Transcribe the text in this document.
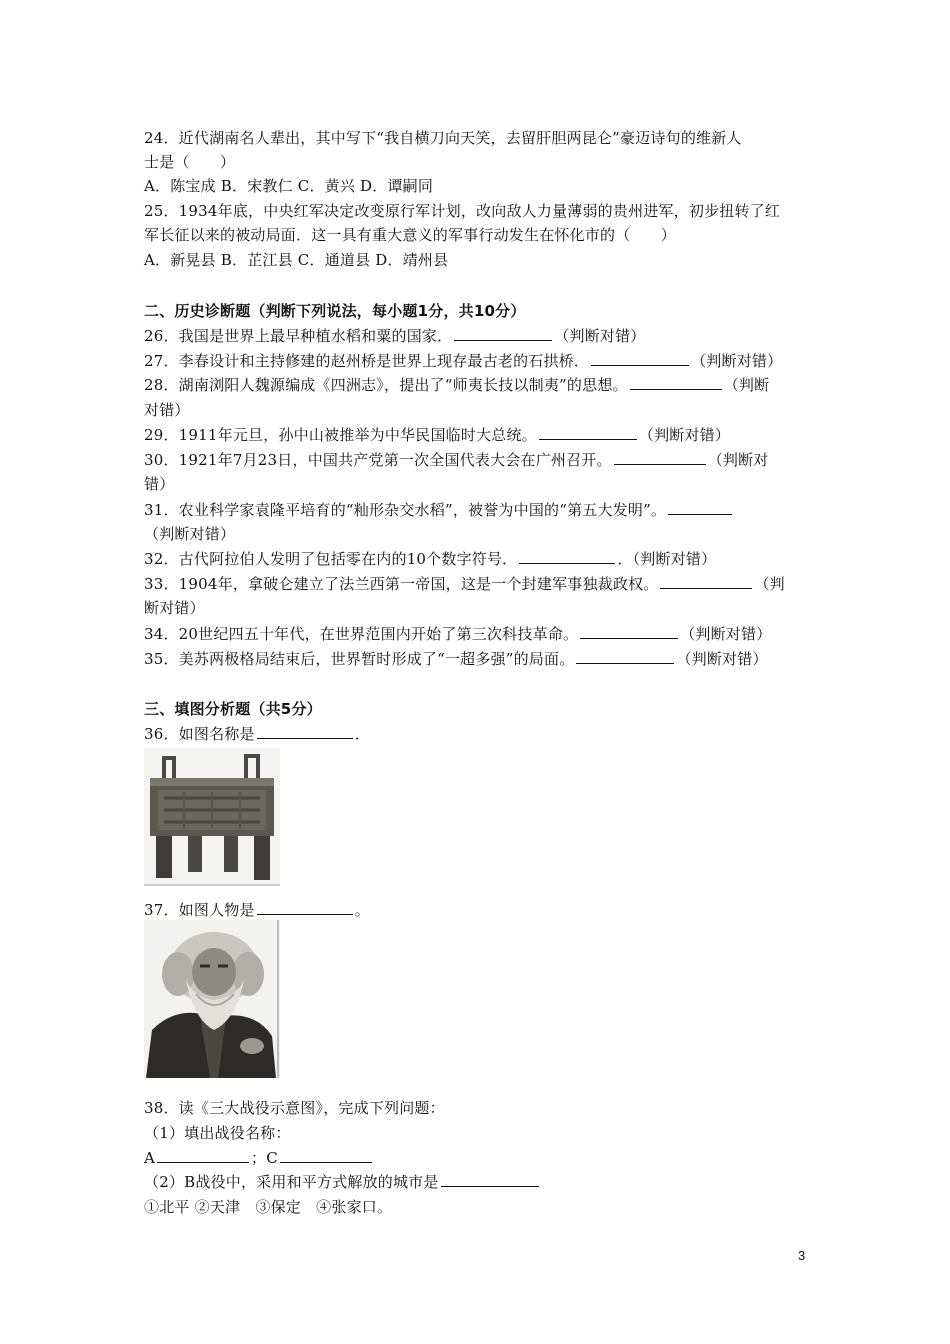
24．近代湖南名人辈出，其中写下“我自横刀向天笑，去留肝胆两昆仑”豪迈诗句的维新人
士是（　　）
A．陈宝成 B．宋教仁 C．黄兴 D．谭嗣同
25．1934年底，中央红军决定改变原行军计划，改向敌人力量薄弱的贵州进军，初步扭转了红
军长征以来的被动局面．这一具有重大意义的军事行动发生在怀化市的（　　）
A．新晃县 B．芷江县 C．通道县 D．靖州县
二、历史诊断题（判断下列说法，每小题1分，共10分）
26．我国是世界上最早种植水稻和粟的国家．	（判断对错）
27．李春设计和主持修建的赵州桥是世界上现存最古老的石拱桥．	（判断对错）
28．湖南浏阳人魏源编成《四洲志》，提出了“师夷长技以制夷”的思想。	（判断
对错）
29．1911年元旦，孙中山被推举为中华民国临时大总统。	（判断对错）
30．1921年7月23日，中国共产党第一次全国代表大会在广州召开。	（判断对
错）
31．农业科学家袁隆平培育的“籼形杂交水稻”，被誉为中国的“第五大发明”。
（判断对错）
32．古代阿拉伯人发明了包括零在内的10个数字符号．	．（判断对错）
33．1904年，拿破仑建立了法兰西第一帝国，这是一个封建军事独裁政权。	（判
断对错）
34．20世纪四五十年代，在世界范围内开始了第三次科技革命。	（判断对错）
35．美苏两极格局结束后，世界暂时形成了“一超多强”的局面。	（判断对错）
三、填图分析题（共5分）
36．如图名称是	．
37．如图人物是	。
38．读《三大战役示意图》，完成下列问题：
（1）填出战役名称：
A	；C
（2）B战役中，采用和平方式解放的城市是
①北平 ②天津　③保定　④张家口。
3
